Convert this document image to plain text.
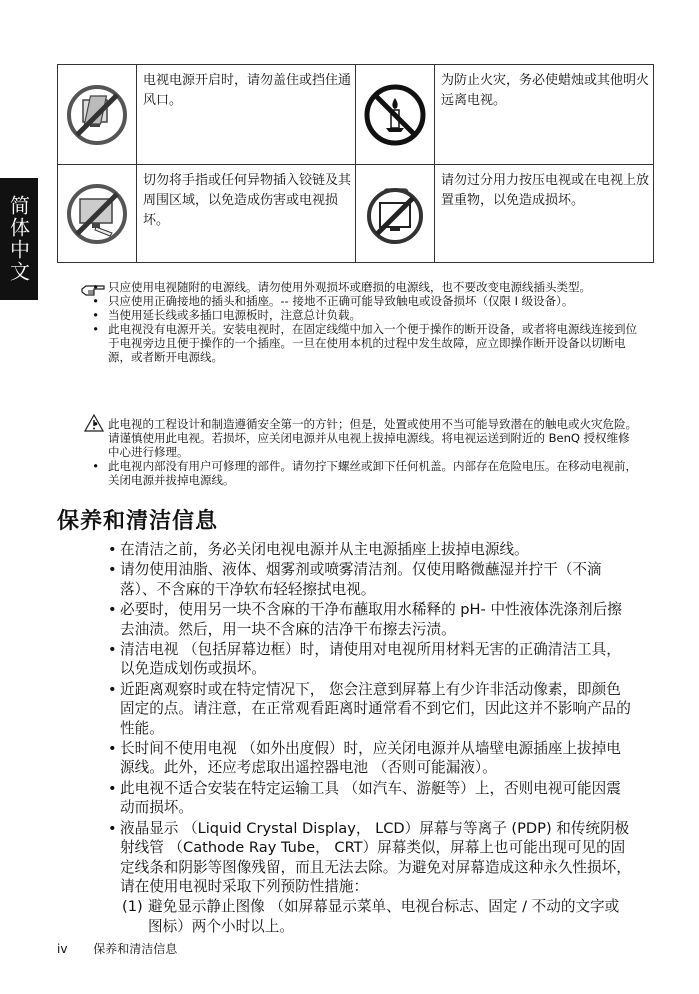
简体中文
	电视电源开启时，请勿盖住或挡住通风口。		为防止火灾，务必使蜡烛或其他明火远离电视。

	切勿将手指或任何异物插入铰链及其周围区域，以免造成伤害或电视损坏。		请勿过分用力按压电视或在电视上放置重物，以免造成损坏。
• 只应使用电视随附的电源线。请勿使用外观损坏或磨损的电源线，也不要改变电源线插头类型。
• 只应使用正确接地的插头和插座。-- 接地不正确可能导致触电或设备损坏（仅限 I 级设备）。
• 当使用延长线或多插口电源板时，注意总计负载。
• 此电视没有电源开关。安装电视时，在固定线缆中加入一个便于操作的断开设备，或者将电源线连接到位于电视旁边且便于操作的一个插座。一旦在使用本机的过程中发生故障，应立即操作断开设备以切断电源，或者断开电源线。
• 此电视的工程设计和制造遵循安全第一的方针；但是，处置或使用不当可能导致潜在的触电或火灾危险。请谨慎使用此电视。若损坏，应关闭电源并从电视上拔掉电源线。将电视运送到附近的 BenQ 授权维修中心进行修理。
• 此电视内部没有用户可修理的部件。请勿拧下螺丝或卸下任何机盖。内部存在危险电压。在移动电视前，关闭电源并拔掉电源线。
保养和清洁信息
• 在清洁之前，务必关闭电视电源并从主电源插座上拔掉电源线。
• 请勿使用油脂、液体、烟雾剂或喷雾清洁剂。仅使用略微蘸湿并拧干（不滴落）、不含麻的干净软布轻轻擦拭电视。
• 必要时，使用另一块不含麻的干净布蘸取用水稀释的 pH- 中性液体洗涤剂后擦去油渍。然后，用一块不含麻的洁净干布擦去污渍。
• 清洁电视 （包括屏幕边框）时，请使用对电视所用材料无害的正确清洁工具，以免造成划伤或损坏。
• 近距离观察时或在特定情况下， 您会注意到屏幕上有少许非活动像素，即颜色固定的点。请注意，在正常观看距离时通常看不到它们，因此这并不影响产品的性能。
• 长时间不使用电视 （如外出度假）时，应关闭电源并从墙壁电源插座上拔掉电源线。此外，还应考虑取出遥控器电池 （否则可能漏液）。
• 此电视不适合安装在特定运输工具 （如汽车、游艇等）上，否则电视可能因震动而损坏。
• 液晶显示 （Liquid Crystal Display， LCD）屏幕与等离子 (PDP) 和传统阴极射线管 （Cathode Ray Tube， CRT）屏幕类似，屏幕上也可能出现可见的固定线条和阴影等图像残留，而且无法去除。为避免对屏幕造成这种永久性损坏，请在使用电视时采取下列预防性措施：
(1) 避免显示静止图像 （如屏幕显示菜单、电视台标志、固定 / 不动的文字或图标）两个小时以上。
iv 保养和清洁信息
